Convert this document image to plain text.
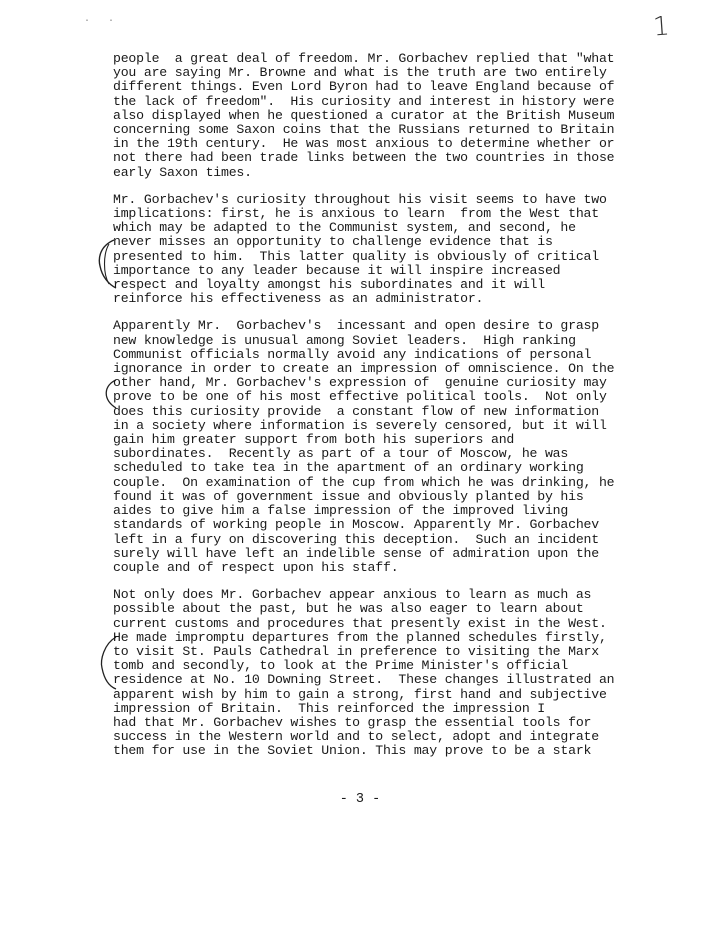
· ·	1

people  a great deal of freedom. Mr. Gorbachev replied that "what
you are saying Mr. Browne and what is the truth are two entirely
different things. Even Lord Byron had to leave England because of
the lack of freedom".  His curiosity and interest in history were
also displayed when he questioned a curator at the British Museum
concerning some Saxon coins that the Russians returned to Britain
in the 19th century.  He was most anxious to determine whether or
not there had been trade links between the two countries in those
early Saxon times.

Mr. Gorbachev's curiosity throughout his visit seems to have two
implications: first, he is anxious to learn  from the West that
which may be adapted to the Communist system, and second, he
never misses an opportunity to challenge evidence that is
presented to him.  This latter quality is obviously of critical
importance to any leader because it will inspire increased
respect and loyalty amongst his subordinates and it will
reinforce his effectiveness as an administrator.

Apparently Mr.  Gorbachev's  incessant and open desire to grasp
new knowledge is unusual among Soviet leaders.  High ranking
Communist officials normally avoid any indications of personal
ignorance in order to create an impression of omniscience. On the
other hand, Mr. Gorbachev's expression of  genuine curiosity may
prove to be one of his most effective political tools.  Not only
does this curiosity provide  a constant flow of new information
in a society where information is severely censored, but it will
gain him greater support from both his superiors and
subordinates.  Recently as part of a tour of Moscow, he was
scheduled to take tea in the apartment of an ordinary working
couple.  On examination of the cup from which he was drinking, he
found it was of government issue and obviously planted by his
aides to give him a false impression of the improved living
standards of working people in Moscow. Apparently Mr. Gorbachev
left in a fury on discovering this deception.  Such an incident
surely will have left an indelible sense of admiration upon the
couple and of respect upon his staff.

Not only does Mr. Gorbachev appear anxious to learn as much as
possible about the past, but he was also eager to learn about
current customs and procedures that presently exist in the West.
He made impromptu departures from the planned schedules firstly,
to visit St. Pauls Cathedral in preference to visiting the Marx
tomb and secondly, to look at the Prime Minister's official
residence at No. 10 Downing Street.  These changes illustrated an
apparent wish by him to gain a strong, first hand and subjective
impression of Britain.  This reinforced the impression I
had that Mr. Gorbachev wishes to grasp the essential tools for
success in the Western world and to select, adopt and integrate
them for use in the Soviet Union. This may prove to be a stark

- 3 -
